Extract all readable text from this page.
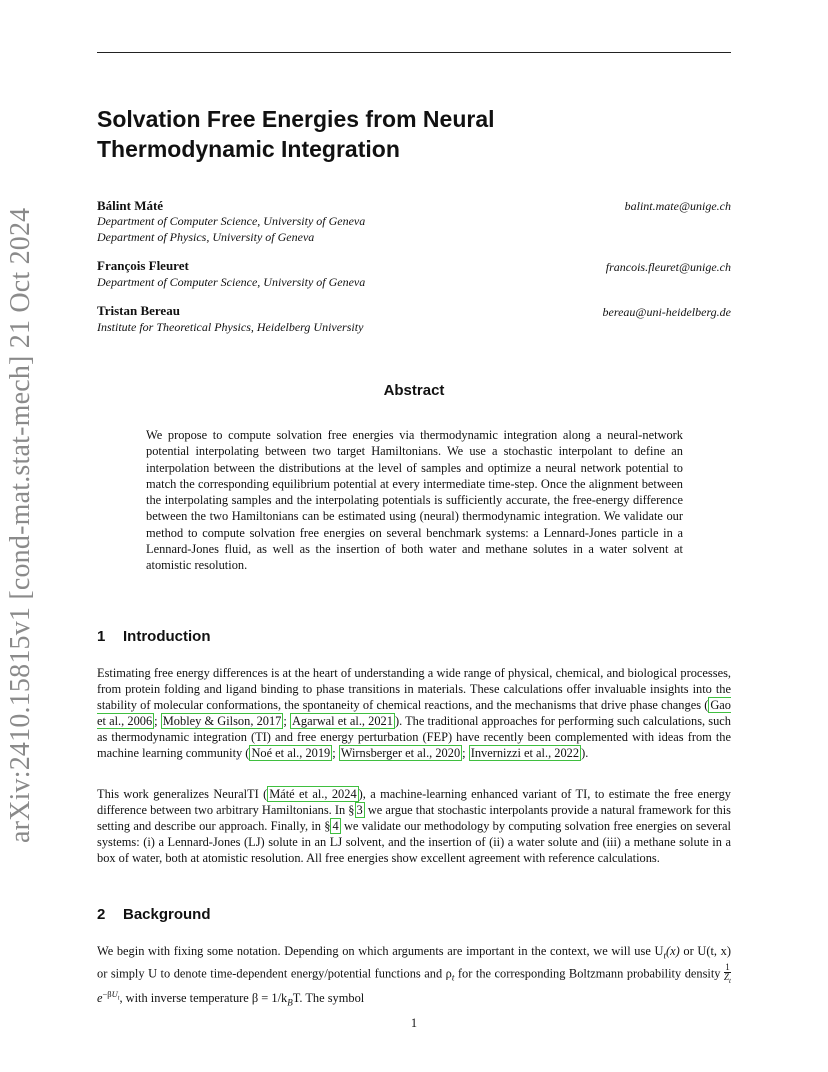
arXiv:2410.15815v1 [cond-mat.stat-mech] 21 Oct 2024
Solvation Free Energies from Neural
Thermodynamic Integration
Bálint Máté	balint.mate@unige.ch
Department of Computer Science, University of Geneva
Department of Physics, University of Geneva
François Fleuret	francois.fleuret@unige.ch
Department of Computer Science, University of Geneva
Tristan Bereau	bereau@uni-heidelberg.de
Institute for Theoretical Physics, Heidelberg University
Abstract
We propose to compute solvation free energies via thermodynamic integration along a neural-network potential interpolating between two target Hamiltonians. We use a stochastic interpolant to define an interpolation between the distributions at the level of samples and optimize a neural network potential to match the corresponding equilibrium potential at every intermediate time-step. Once the alignment between the interpolating samples and the interpolating potentials is sufficiently accurate, the free-energy difference between the two Hamiltonians can be estimated using (neural) thermodynamic integration. We validate our method to compute solvation free energies on several benchmark systems: a Lennard-Jones particle in a Lennard-Jones fluid, as well as the insertion of both water and methane solutes in a water solvent at atomistic resolution.
1 Introduction
Estimating free energy differences is at the heart of understanding a wide range of physical, chemical, and biological processes, from protein folding and ligand binding to phase transitions in materials. These calculations offer invaluable insights into the stability of molecular conformations, the spontaneity of chemical reactions, and the mechanisms that drive phase changes ( Gao et al., 2006 ; Mobley & Gilson, 2017 ; Agarwal et al., 2021 ). The traditional approaches for performing such calculations, such as thermodynamic integration (TI) and free energy perturbation (FEP) have recently been complemented with ideas from the machine learning community ( Noé et al., 2019 ; Wirnsberger et al., 2020 ; Invernizzi et al., 2022 ).
This work generalizes NeuralTI ( Máté et al., 2024 ), a machine-learning enhanced variant of TI, to estimate the free energy difference between two arbitrary Hamiltonians. In § 3 we argue that stochastic interpolants provide a natural framework for this setting and describe our approach. Finally, in § 4 we validate our methodology by computing solvation free energies on several systems: (i) a Lennard-Jones (LJ) solute in an LJ solvent, and the insertion of (ii) a water solute and (iii) a methane solute in a box of water, both at atomistic resolution. All free energies show excellent agreement with reference calculations.
2 Background
We begin with fixing some notation. Depending on which arguments are important in the context, we will use $U_t(x)$ or U(t, x) or simply U to denote time-dependent energy/potential functions and $\rho_t$ for the corresponding Boltzmann probability density $\frac{1}{Z_t}$
$e^{-\beta U_t}$, with inverse temperature $\beta = 1/k_BT$. The symbol
1
